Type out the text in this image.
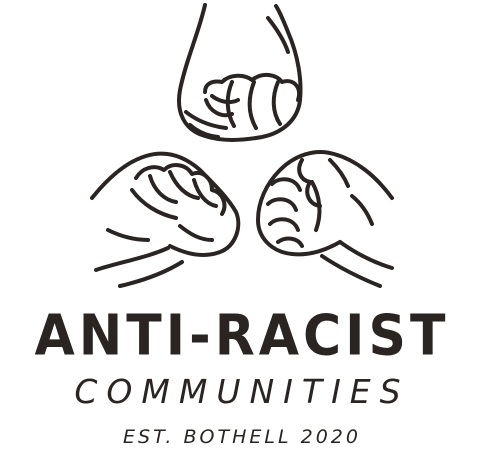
ANTI-RACIST
COMMUNITIES
EST. BOTHELL 2020
